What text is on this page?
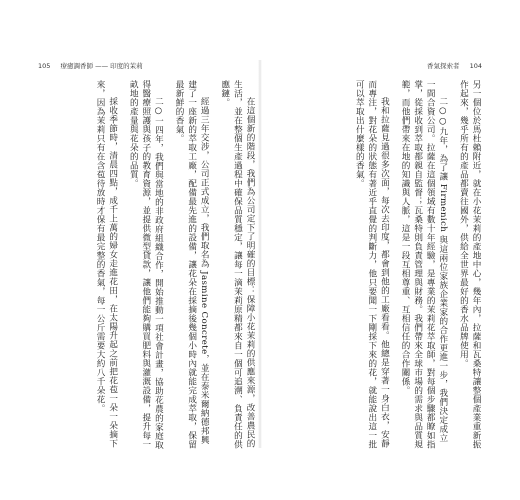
105 療癒調香師 —— 印度的茉莉

在這個新的階段，我們為公司定下了明確的目標：保障小花茉莉的供應來源，改善農民的生活，並在整個生產過程中確保品質穩定，讓每一滴茉莉原精都來自一個可追溯、負責任的供應鏈。

經過三年交涉，公司正式成立，我們取名為 Jasmine Concrete，並在泰米爾納德邦興建了一座新的萃取工廠，配備最先進的設備，讓花朵在採摘後幾個小時內就能完成萃取，保留最新鮮的香氣。

二○一四年，我們與當地的非政府組織合作，開始推動一項社會計畫，協助花農的家庭取得醫療照護與孩子的教育資源，並提供微型貸款，讓他們能夠購買肥料與灌溉設備，提升每一畝地的產量與花朵的品質。

採收季節時，清晨四點，成千上萬的婦女走進花田，在太陽升起之前把花苞一朵一朵摘下來，因為茉莉只有在含苞待放時才保有最完整的香氣，每一公斤需要大約八千朵花。

香氣探索者 104

另一個位於馬杜賴附近，就在小花茉莉的產地中心，幾年內，拉薩和瓦桑特讓整個產業重新振作起來，幾乎所有的產品都賣往國外，供給全世界最好的香水品牌使用。

二○○九年，為了讓 Firmenich 與這兩位家族企業家的合作更進一步，我們決定成立一間合資公司。拉薩在這個領域有數十年經驗，是專業的茉莉花萃取師，對每個步驟都瞭如指掌，從採收到萃取都親自監督；瓦桑特則負責管理與財務。我們帶來全球市場的需求與品質規範，而他們帶來在地的知識與人脈，這是一段互相尊重、互相信任的合作關係。

我和拉薩見過很多次面，每次去印度，都會到他的工廠看看。他總是穿著一身白衣，安靜而專注，對花朵的狀態有著近乎直覺的判斷力，他只要聞一下剛採下來的花，就能說出這一批可以萃取出什麼樣的香氣。
